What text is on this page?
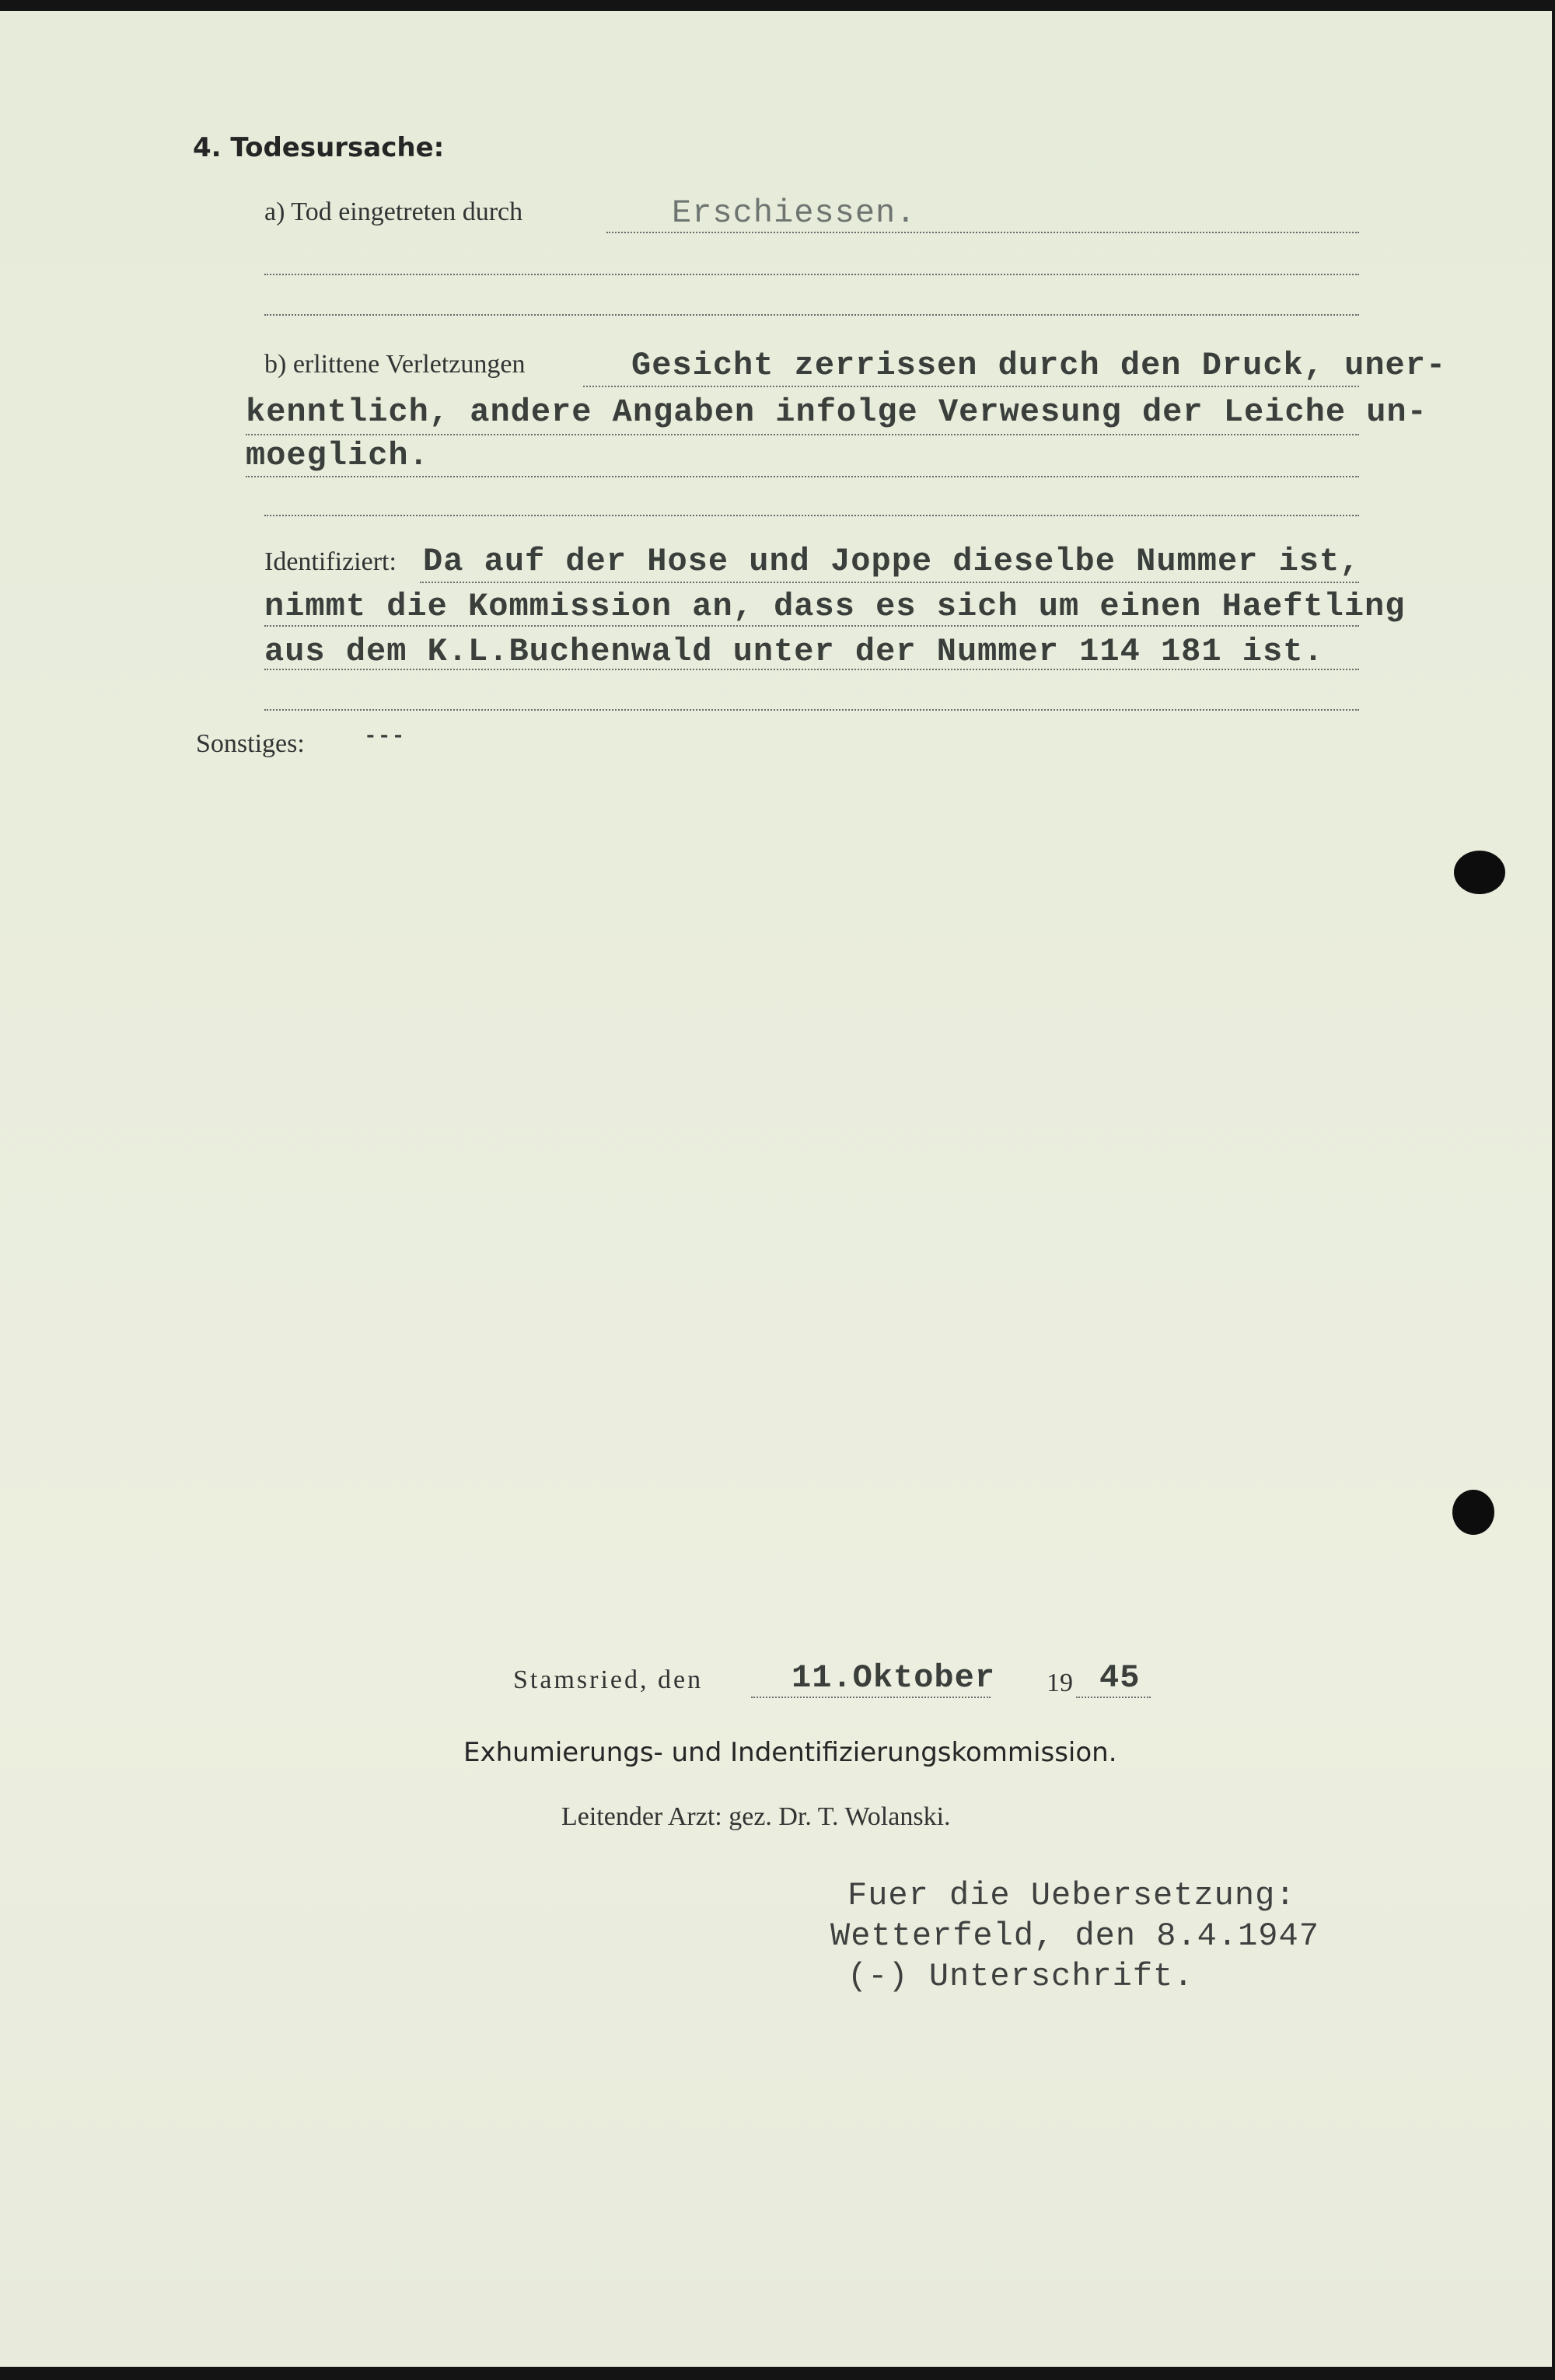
4. Todesursache:
a) Tod eingetreten durch	Erschiessen.
b) erlittene Verletzungen	Gesicht zerrissen durch den Druck, uner-
kenntlich, andere Angaben infolge Verwesung der Leiche un-
moeglich.
Identifiziert: Da auf der Hose und Joppe dieselbe Nummer ist,
nimmt die Kommission an, dass es sich um einen Haeftling
aus dem K.L.Buchenwald unter der Nummer 114 181 ist.
Sonstiges:	---
Stamsried, den	11.Oktober 19 45
Exhumierungs- und Indentifizierungskommission.
Leitender Arzt: gez. Dr. T. Wolanski.
Fuer die Uebersetzung:
Wetterfeld, den 8.4.1947
(-) Unterschrift.
